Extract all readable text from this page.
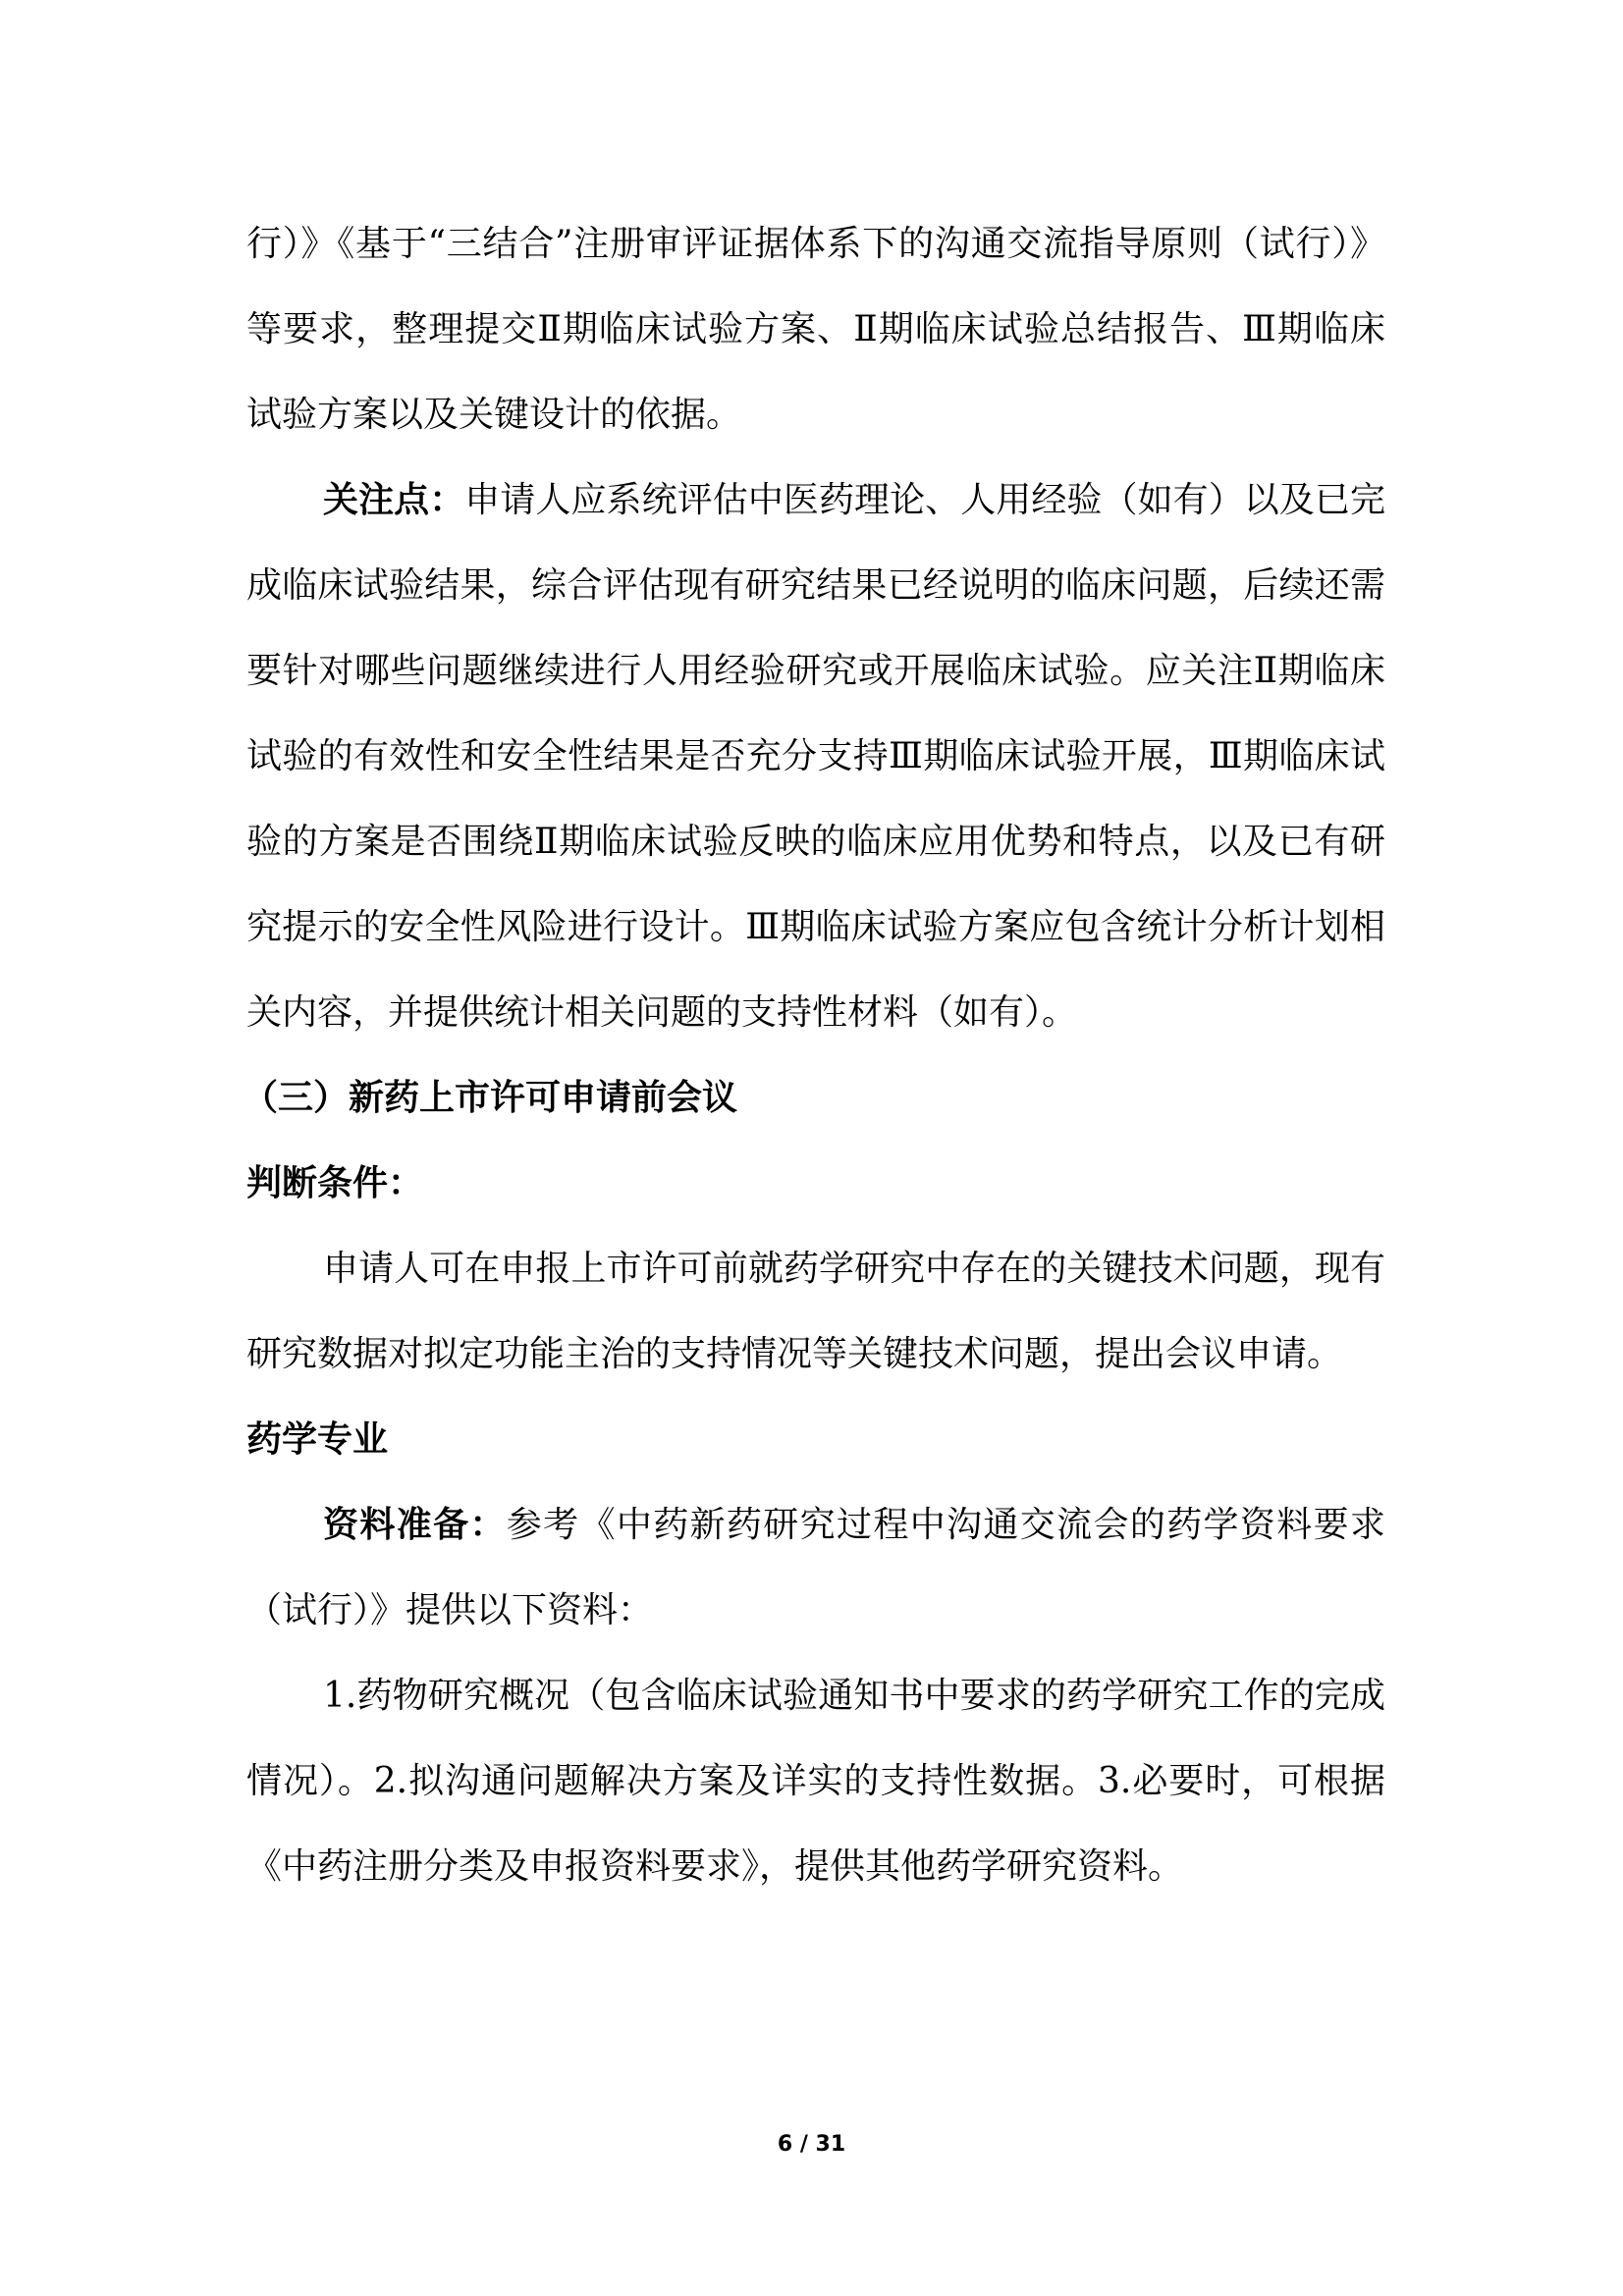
行）》《基于“三结合”注册审评证据体系下的沟通交流指导原则（试行）》等要求，整理提交Ⅱ期临床试验方案、Ⅱ期临床试验总结报告、Ⅲ期临床试验方案以及关键设计的依据。

关注点：申请人应系统评估中医药理论、人用经验（如有）以及已完成临床试验结果，综合评估现有研究结果已经说明的临床问题，后续还需要针对哪些问题继续进行人用经验研究或开展临床试验。应关注Ⅱ期临床试验的有效性和安全性结果是否充分支持Ⅲ期临床试验开展，Ⅲ期临床试验的方案是否围绕Ⅱ期临床试验反映的临床应用优势和特点，以及已有研究提示的安全性风险进行设计。Ⅲ期临床试验方案应包含统计分析计划相关内容，并提供统计相关问题的支持性材料（如有）。

（三）新药上市许可申请前会议

判断条件：

申请人可在申报上市许可前就药学研究中存在的关键技术问题，现有研究数据对拟定功能主治的支持情况等关键技术问题，提出会议申请。

药学专业

资料准备：参考《中药新药研究过程中沟通交流会的药学资料要求（试行）》提供以下资料：

1.药物研究概况（包含临床试验通知书中要求的药学研究工作的完成情况）。2.拟沟通问题解决方案及详实的支持性数据。3.必要时，可根据《中药注册分类及申报资料要求》，提供其他药学研究资料。

6 / 31
